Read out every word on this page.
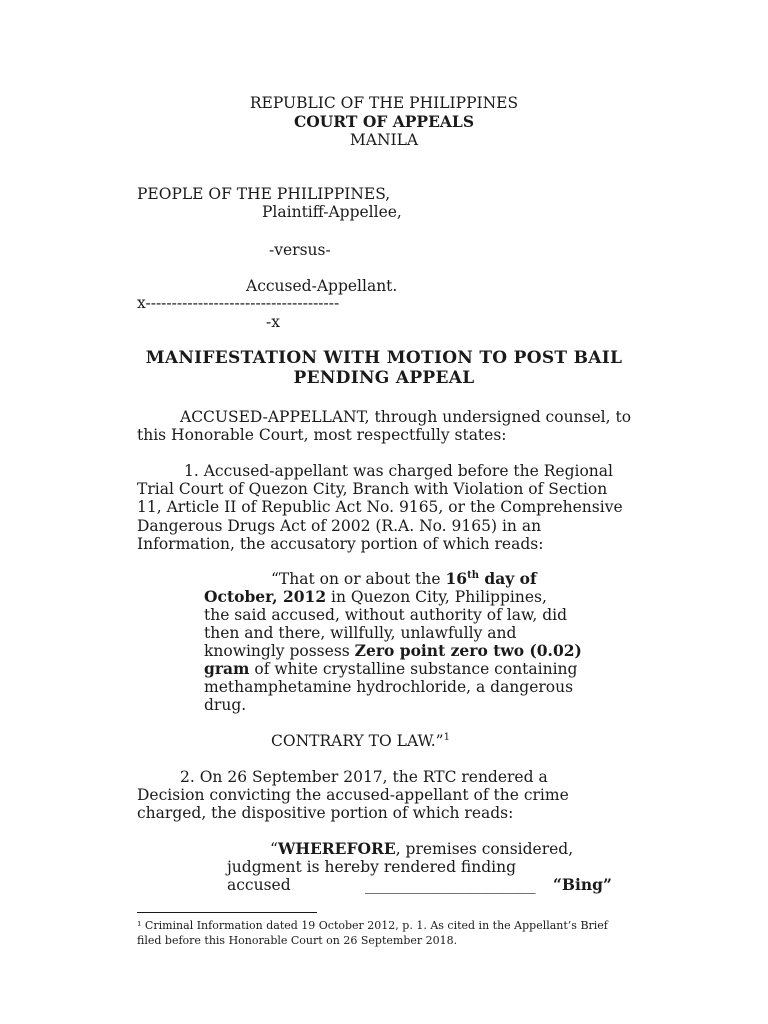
REPUBLIC OF THE PHILIPPINES
COURT OF APPEALS
MANILA
PEOPLE OF THE PHILIPPINES,
Plaintiff-Appellee,
-versus-
Accused-Appellant.
x-------------------------------------
-x
MANIFESTATION WITH MOTION TO POST BAIL
PENDING APPEAL
ACCUSED-APPELLANT, through undersigned counsel, to
this Honorable Court, most respectfully states:
1. Accused-appellant was charged before the Regional
Trial Court of Quezon City, Branch with Violation of Section
11, Article II of Republic Act No. 9165, or the Comprehensive
Dangerous Drugs Act of 2002 (R.A. No. 9165) in an
Information, the accusatory portion of which reads:
“That on or about the 16th day of
October, 2012 in Quezon City, Philippines,
the said accused, without authority of law, did
then and there, willfully, unlawfully and
knowingly possess Zero point zero two (0.02)
gram of white crystalline substance containing
methamphetamine hydrochloride, a dangerous
drug.
CONTRARY TO LAW.”$^1$
2. On 26 September 2017, the RTC rendered a
Decision convicting the accused-appellant of the crime
charged, the dispositive portion of which reads:
“WHEREFORE, premises considered,
judgment is hereby rendered finding
accused	______________________ “Bing”
¹ Criminal Information dated 19 October 2012, p. 1. As cited in the Appellant’s Brief
filed before this Honorable Court on 26 September 2018.
